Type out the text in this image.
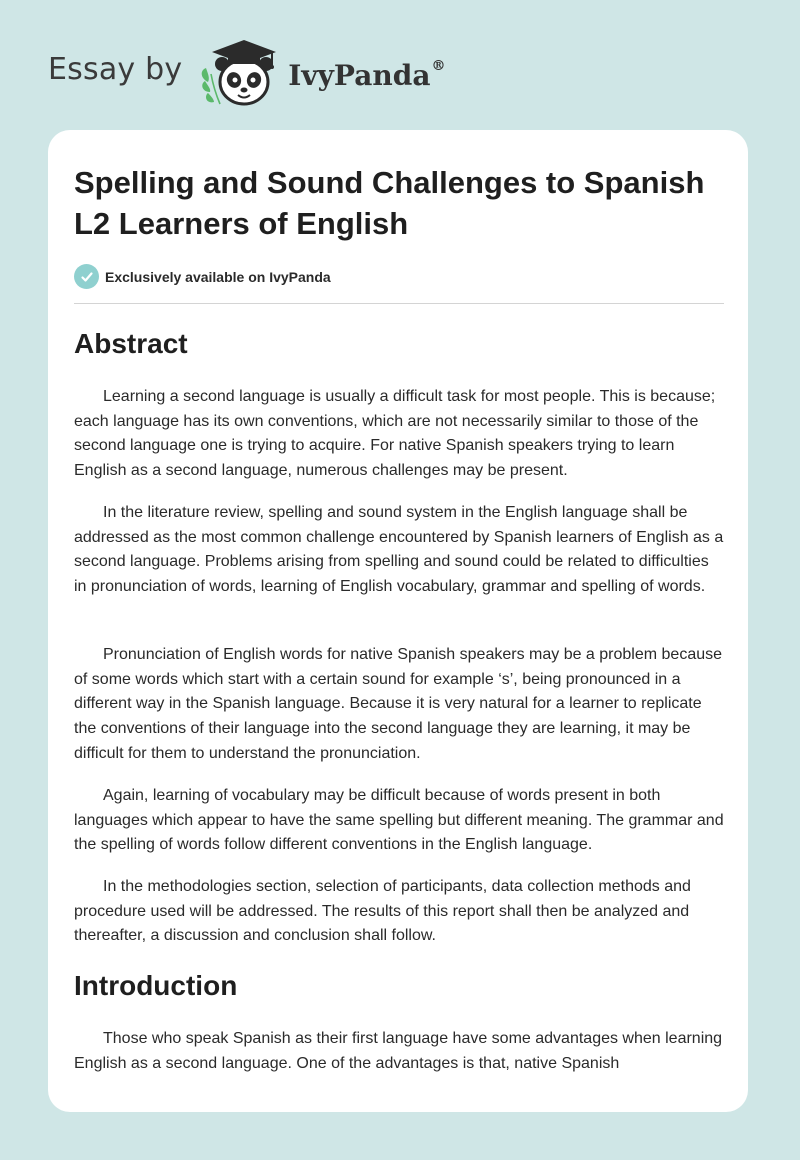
Essay by	IvyPanda®
Spelling and Sound Challenges to Spanish L2 Learners of English
Exclusively available on IvyPanda
Abstract

Learning a second language is usually a difficult task for most people. This is because; each language has its own conventions, which are not necessarily similar to those of the second language one is trying to acquire. For native Spanish speakers trying to learn English as a second language, numerous challenges may be present.

In the literature review, spelling and sound system in the English language shall be addressed as the most common challenge encountered by Spanish learners of English as a second language. Problems arising from spelling and sound could be related to difficulties in pronunciation of words, learning of English vocabulary, grammar and spelling of words.

Pronunciation of English words for native Spanish speakers may be a problem because of some words which start with a certain sound for example ‘s’, being pronounced in a different way in the Spanish language. Because it is very natural for a learner to replicate the conventions of their language into the second language they are learning, it may be difficult for them to understand the pronunciation.

Again, learning of vocabulary may be difficult because of words present in both languages which appear to have the same spelling but different meaning. The grammar and the spelling of words follow different conventions in the English language.

In the methodologies section, selection of participants, data collection methods and procedure used will be addressed. The results of this report shall then be analyzed and thereafter, a discussion and conclusion shall follow.

Introduction

Those who speak Spanish as their first language have some advantages when learning English as a second language. One of the advantages is that, native Spanish
